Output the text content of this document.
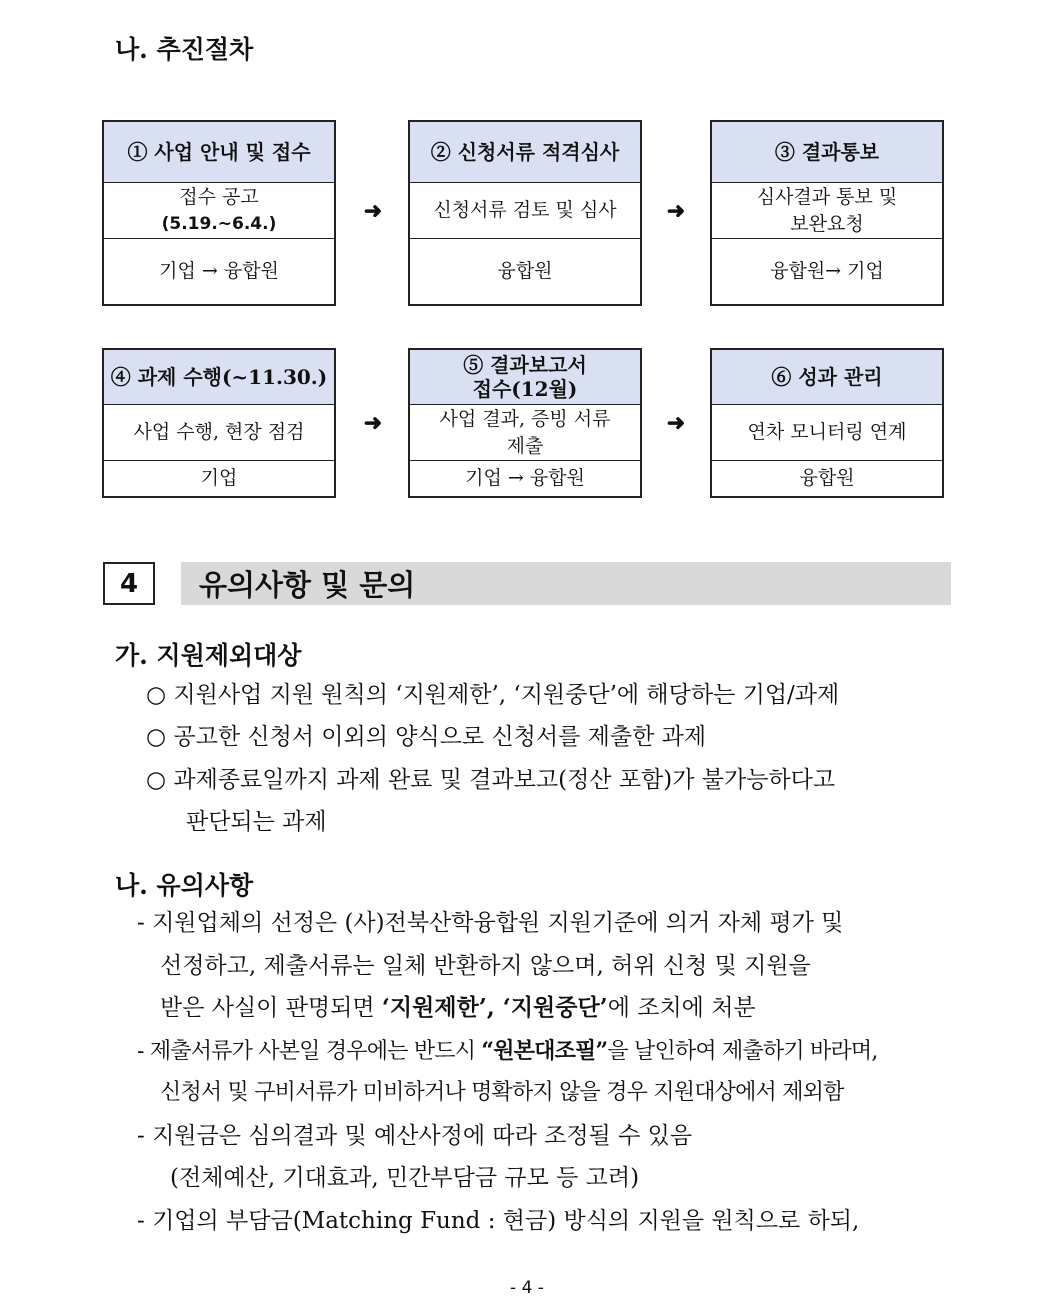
나. 추진절차
① 사업 안내 및 접수
접수 공고
(5.19.~6.4.)
기업 → 융합원
➜
② 신청서류 적격심사
신청서류 검토 및 심사
융합원
➜
③ 결과통보
심사결과 통보 및
보완요청
융합원→ 기업
④ 과제 수행(~11.30.)
사업 수행, 현장 점검
기업
➜
⑤ 결과보고서
접수(12월)
사업 결과, 증빙 서류
제출
기업 → 융합원
➜
⑥ 성과 관리
연차 모니터링 연계
융합원
4	유의사항 및 문의
가. 지원제외대상
○ 지원사업 지원 원칙의 ‘지원제한’, ‘지원중단’에 해당하는 기업/과제
○ 공고한 신청서 이외의 양식으로 신청서를 제출한 과제
○ 과제종료일까지 과제 완료 및 결과보고(정산 포함)가 불가능하다고
판단되는 과제
나. 유의사항
- 지원업체의 선정은 (사)전북산학융합원 지원기준에 의거 자체 평가 및
선정하고, 제출서류는 일체 반환하지 않으며, 허위 신청 및 지원을
받은 사실이 판명되면 ‘지원제한’, ‘지원중단’에 조치에 처분
- 제출서류가 사본일 경우에는 반드시 “원본대조필”을 날인하여 제출하기 바라며,
신청서 및 구비서류가 미비하거나 명확하지 않을 경우 지원대상에서 제외함
- 지원금은 심의결과 및 예산사정에 따라 조정될 수 있음
(전체예산, 기대효과, 민간부담금 규모 등 고려)
- 기업의 부담금(Matching Fund : 현금) 방식의 지원을 원칙으로 하되,
- 4 -
